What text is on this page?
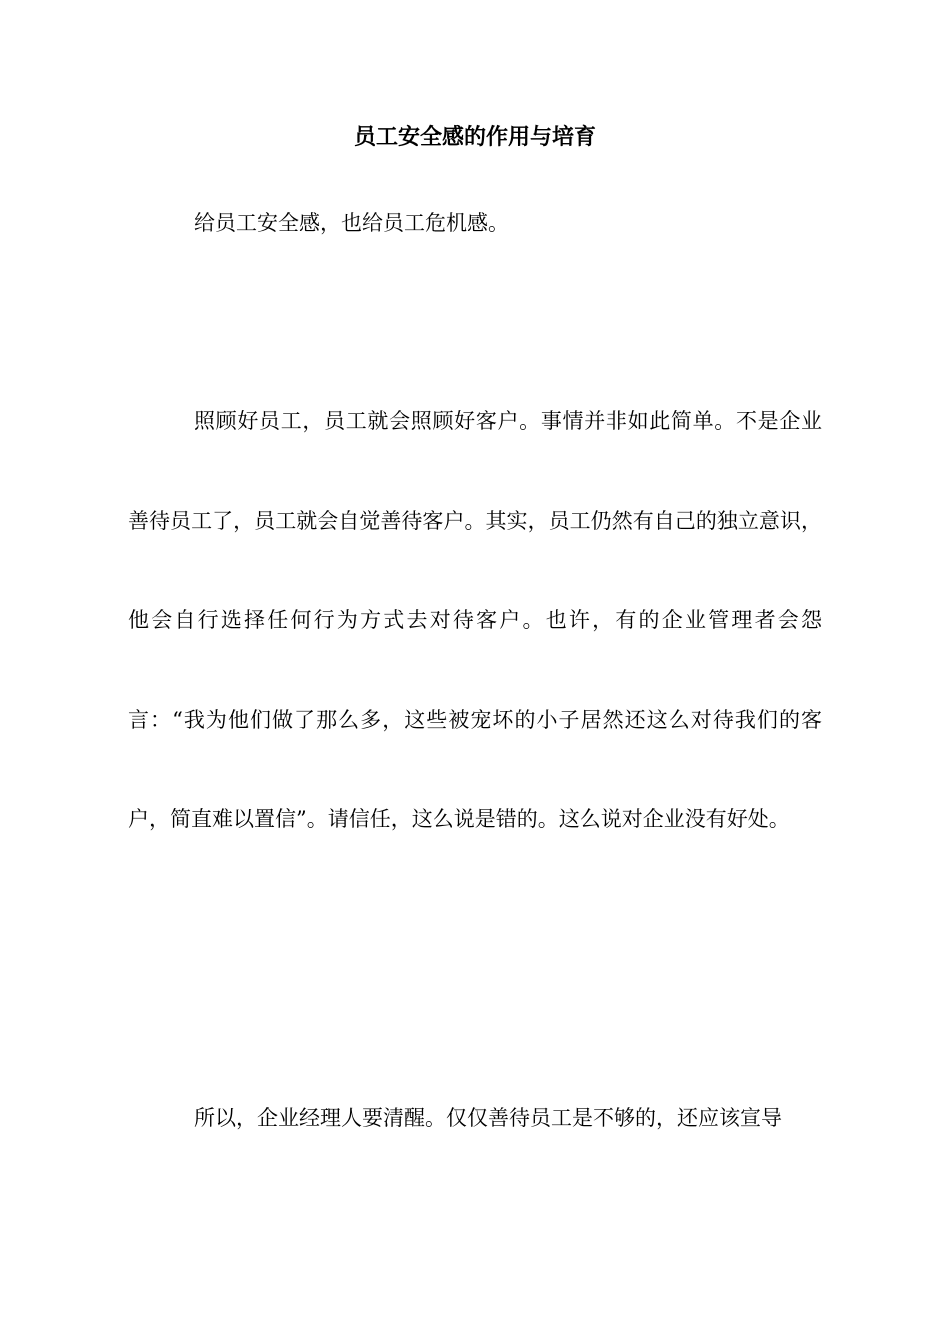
员工安全感的作用与培育

给员工安全感，也给员工危机感。

照顾好员工，员工就会照顾好客户。事情并非如此简单。不是企业善待员工了，员工就会自觉善待客户。其实，员工仍然有自己的独立意识，他会自行选择任何行为方式去对待客户。也许，有的企业管理者会怨言：“我为他们做了那么多，这些被宠坏的小子居然还这么对待我们的客户，简直难以置信”。请信任，这么说是错的。这么说对企业没有好处。

所以，企业经理人要清醒。仅仅善待员工是不够的，还应该宣导
